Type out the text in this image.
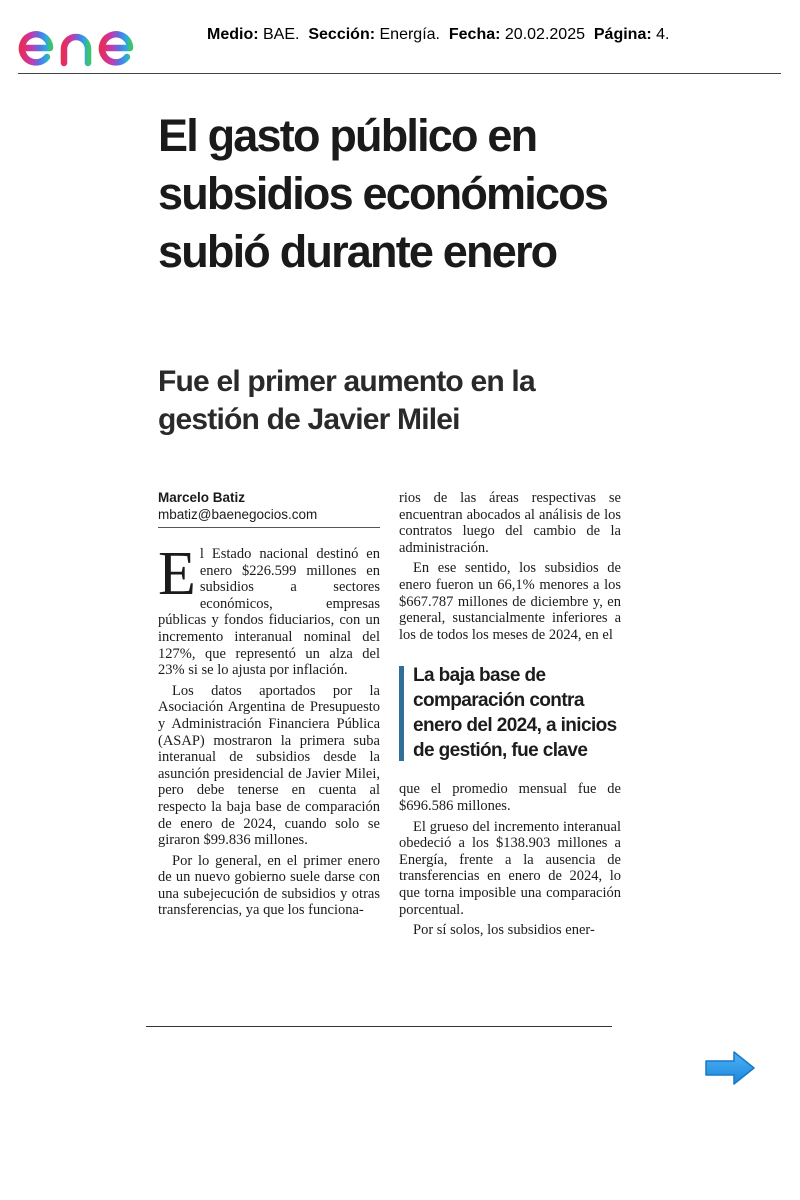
Medio: BAE. Sección: Energía. Fecha: 20.02.2025 Página: 4.
El gasto público en subsidios económicos subió durante enero
Fue el primer aumento en la gestión de Javier Milei
Marcelo Batiz
mbatiz@baenegocios.com

El Estado nacional destinó en enero $226.599 millones en subsidios a sectores económicos, empresas públicas y fondos fiduciarios, con un incremento interanual nominal del 127%, que representó un alza del 23% si se lo ajusta por inflación.

Los datos aportados por la Asociación Argentina de Presupuesto y Administración Financiera Pública (ASAP) mostraron la primera suba interanual de subsidios desde la asunción presidencial de Javier Milei, pero debe tenerse en cuenta al respecto la baja base de comparación de enero de 2024, cuando solo se giraron $99.836 millones.

Por lo general, en el primer enero de un nuevo gobierno suele darse con una subejecución de subsidios y otras transferencias, ya que los funciona-

rios de las áreas respectivas se encuentran abocados al análisis de los contratos luego del cambio de la administración.

En ese sentido, los subsidios de enero fueron un 66,1% menores a los $667.787 millones de diciembre y, en general, sustancialmente inferiores a los de todos los meses de 2024, en el

La baja base de comparación contra enero del 2024, a inicios de gestión, fue clave

que el promedio mensual fue de $696.586 millones.

El grueso del incremento interanual obedeció a los $138.903 millones a Energía, frente a la ausencia de transferencias en enero de 2024, lo que torna imposible una comparación porcentual.

Por sí solos, los subsidios ener-
